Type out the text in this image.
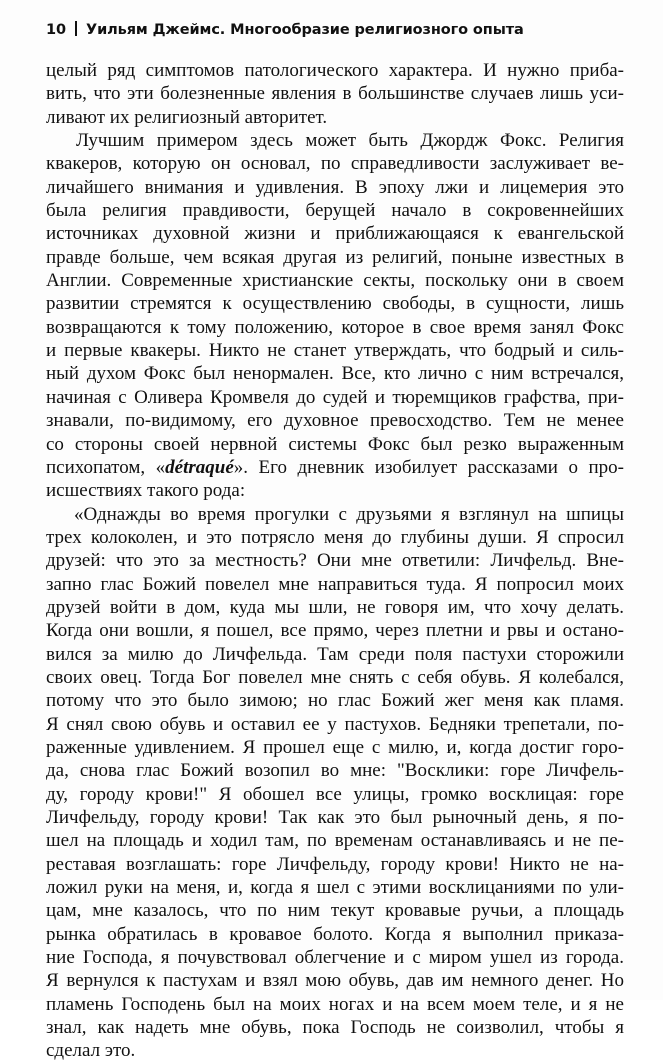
10 Уильям Джеймс. Многообразие религиозного опыта
целый ряд симптомов патологического характера. И нужно приба-
вить, что эти болезненные явления в большинстве случаев лишь уси-
ливают их религиозный авторитет.
Лучшим примером здесь может быть Джордж Фокс. Религия
квакеров, которую он основал, по справедливости заслуживает ве-
личайшего внимания и удивления. В эпоху лжи и лицемерия это
была религия правдивости, берущей начало в сокровеннейших
источниках духовной жизни и приближающаяся к евангельской
правде больше, чем всякая другая из религий, поныне известных в
Англии. Современные христианские секты, поскольку они в своем
развитии стремятся к осуществлению свободы, в сущности, лишь
возвращаются к тому положению, которое в свое время занял Фокс
и первые квакеры. Никто не станет утверждать, что бодрый и силь-
ный духом Фокс был ненормален. Все, кто лично с ним встречался,
начиная с Оливера Кромвеля до судей и тюремщиков графства, при-
знавали, по-видимому, его духовное превосходство. Тем не менее
со стороны своей нервной системы Фокс был резко выраженным
психопатом, «détraqué». Его дневник изобилует рассказами о про-
исшествиях такого рода:
«Однажды во время прогулки с друзьями я взглянул на шпицы
трех колоколен, и это потрясло меня до глубины души. Я спросил
друзей: что это за местность? Они мне ответили: Личфельд. Вне-
запно глас Божий повелел мне направиться туда. Я попросил моих
друзей войти в дом, куда мы шли, не говоря им, что хочу делать.
Когда они вошли, я пошел, все прямо, через плетни и рвы и остано-
вился за милю до Личфельда. Там среди поля пастухи сторожили
своих овец. Тогда Бог повелел мне снять с себя обувь. Я колебался,
потому что это было зимою; но глас Божий жег меня как пламя.
Я снял свою обувь и оставил ее у пастухов. Бедняки трепетали, по-
раженные удивлением. Я прошел еще с милю, и, когда достиг горо-
да, снова глас Божий возопил во мне: "Восклики: горе Личфель-
ду, городу крови!" Я обошел все улицы, громко восклицая: горе
Личфельду, городу крови! Так как это был рыночный день, я по-
шел на площадь и ходил там, по временам останавливаясь и не пе-
реставая возглашать: горе Личфельду, городу крови! Никто не на-
ложил руки на меня, и, когда я шел с этими восклицаниями по ули-
цам, мне казалось, что по ним текут кровавые ручьи, а площадь
рынка обратилась в кровавое болото. Когда я выполнил приказа-
ние Господа, я почувствовал облегчение и с миром ушел из города.
Я вернулся к пастухам и взял мою обувь, дав им немного денег. Но
пламень Господень был на моих ногах и на всем моем теле, и я не
знал, как надеть мне обувь, пока Господь не соизволил, чтобы я
сделал это.
